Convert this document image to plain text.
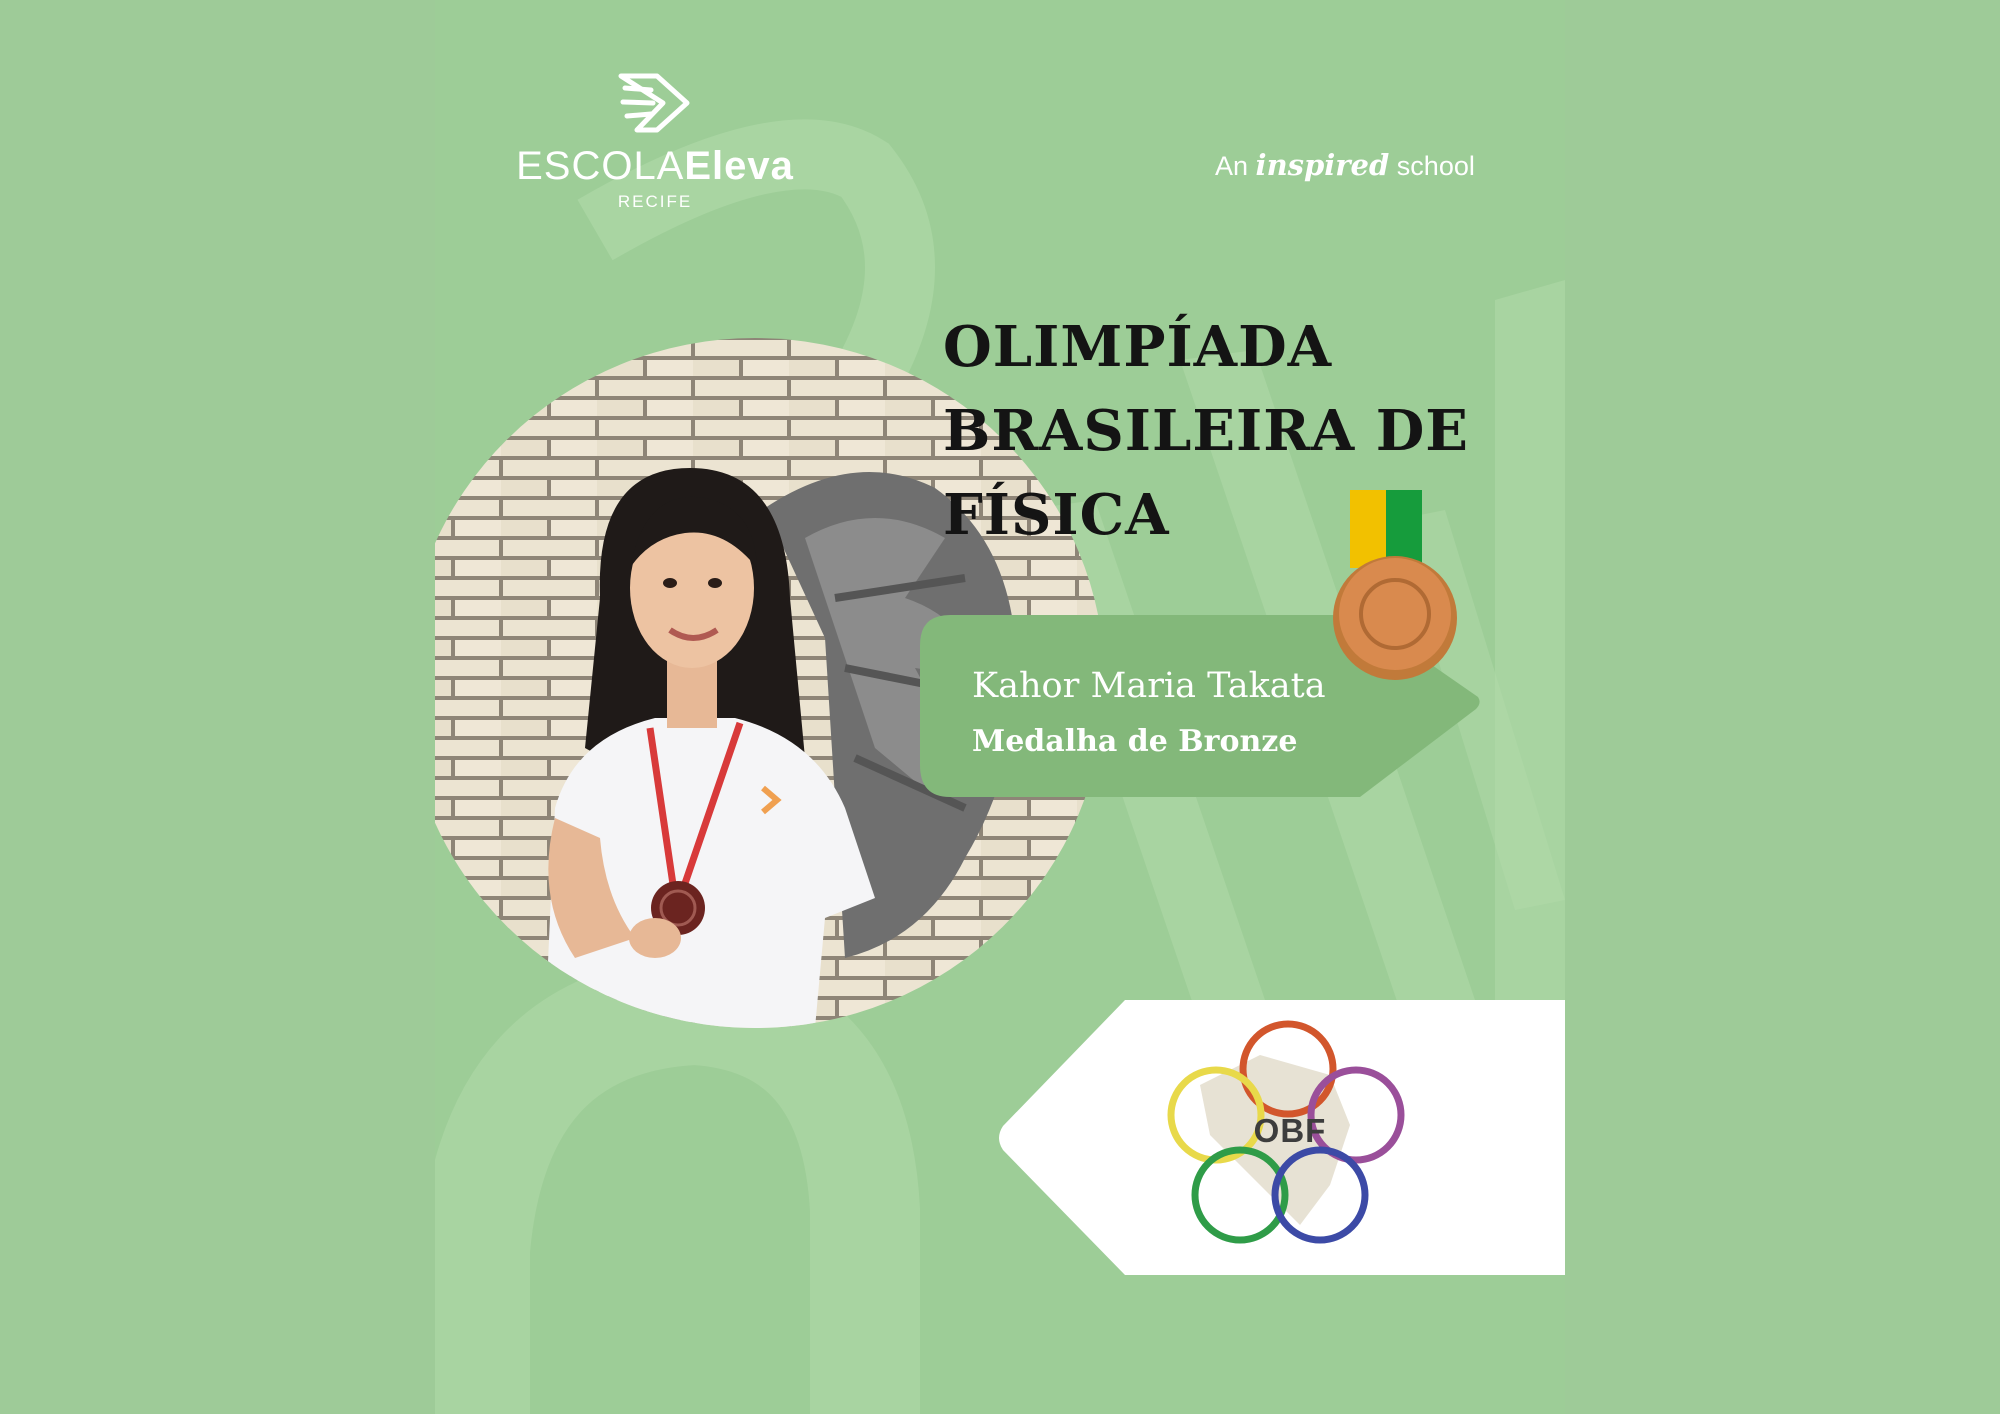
ESCOLAEleva
RECIFE
An inspired school
OLIMPÍADA
BRASILEIRA DE
FÍSICA
Kahor Maria Takata
Medalha de Bronze
OBF
